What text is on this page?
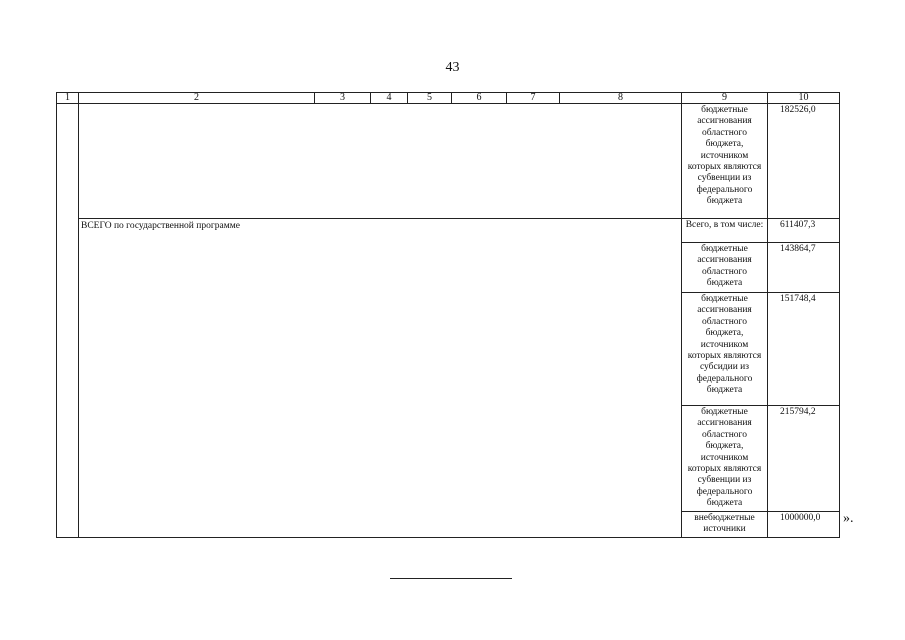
43
1	2	3	4	5	6	7	8	9	10
								бюджетные ассигнования областного бюджета, источником которых являются субвенции из федерального бюджета	182526,0
	ВСЕГО по государственной программе							Всего, в том числе:	611407,3
								бюджетные ассигнования областного бюджета	143864,7
								бюджетные ассигнования областного бюджета, источником которых являются субсидии из федерального бюджета	151748,4
								бюджетные ассигнования областного бюджета, источником которых являются субвенции из федерального бюджета	215794,2
								внебюджетные источники	1000000,0 ».
